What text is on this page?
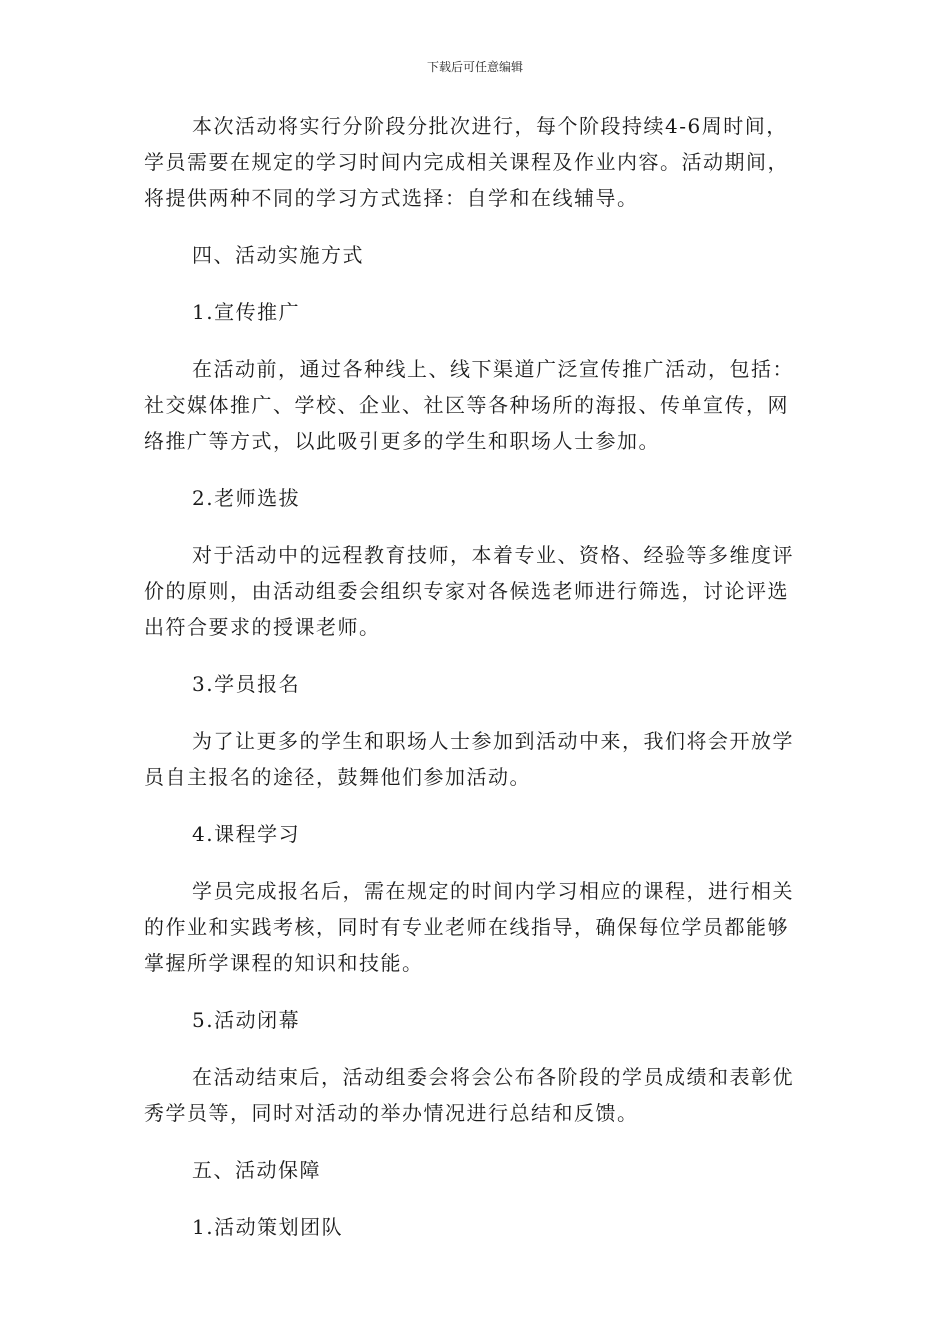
下载后可任意编辑

本次活动将实行分阶段分批次进行，每个阶段持续4-6周时间，学员需要在规定的学习时间内完成相关课程及作业内容。活动期间，将提供两种不同的学习方式选择：自学和在线辅导。

四、活动实施方式

1.宣传推广

在活动前，通过各种线上、线下渠道广泛宣传推广活动，包括：社交媒体推广、学校、企业、社区等各种场所的海报、传单宣传，网络推广等方式，以此吸引更多的学生和职场人士参加。

2.老师选拔

对于活动中的远程教育技师，本着专业、资格、经验等多维度评价的原则，由活动组委会组织专家对各候选老师进行筛选，讨论评选出符合要求的授课老师。

3.学员报名

为了让更多的学生和职场人士参加到活动中来，我们将会开放学员自主报名的途径，鼓舞他们参加活动。

4.课程学习

学员完成报名后，需在规定的时间内学习相应的课程，进行相关的作业和实践考核，同时有专业老师在线指导，确保每位学员都能够掌握所学课程的知识和技能。

5.活动闭幕

在活动结束后，活动组委会将会公布各阶段的学员成绩和表彰优秀学员等，同时对活动的举办情况进行总结和反馈。

五、活动保障

1.活动策划团队
